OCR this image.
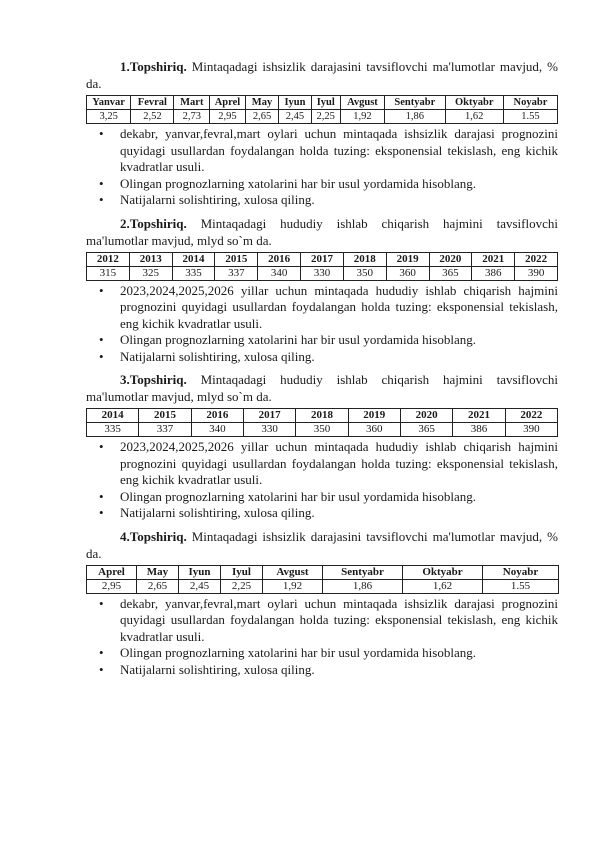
1.Topshiriq. Mintaqadagi ishsizlik darajasini tavsiflovchi ma'lumotlar mavjud, % da.

Yanvar	Fevral	Mart	Aprel	May	Iyun	Iyul	Avgust	Sentyabr	Oktyabr	Noyabr
3,25	2,52	2,73	2,95	2,65	2,45	2,25	1,92	1,86	1,62	1.55
• dekabr, yanvar,fevral,mart oylari uchun mintaqada ishsizlik darajasi prognozini quyidagi usullardan foydalangan holda tuzing: eksponensial tekislash, eng kichik kvadratlar usuli.
• Olingan prognozlarning xatolarini har bir usul yordamida hisoblang.
• Natijalarni solishtiring, xulosa qiling.

2.Topshiriq. Mintaqadagi hududiy ishlab chiqarish hajmini tavsiflovchi ma'lumotlar mavjud, mlyd so`m da.

2012	2013	2014	2015	2016	2017	2018	2019	2020	2021	2022
315	325	335	337	340	330	350	360	365	386	390
• 2023,2024,2025,2026 yillar uchun mintaqada hududiy ishlab chiqarish hajmini prognozini quyidagi usullardan foydalangan holda tuzing: eksponensial tekislash, eng kichik kvadratlar usuli.
• Olingan prognozlarning xatolarini har bir usul yordamida hisoblang.
• Natijalarni solishtiring, xulosa qiling.

3.Topshiriq. Mintaqadagi hududiy ishlab chiqarish hajmini tavsiflovchi ma'lumotlar mavjud, mlyd so`m da.

2014	2015	2016	2017	2018	2019	2020	2021	2022
335	337	340	330	350	360	365	386	390
• 2023,2024,2025,2026 yillar uchun mintaqada hududiy ishlab chiqarish hajmini prognozini quyidagi usullardan foydalangan holda tuzing: eksponensial tekislash, eng kichik kvadratlar usuli.
• Olingan prognozlarning xatolarini har bir usul yordamida hisoblang.
• Natijalarni solishtiring, xulosa qiling.

4.Topshiriq. Mintaqadagi ishsizlik darajasini tavsiflovchi ma'lumotlar mavjud, % da.

Aprel	May	Iyun	Iyul	Avgust	Sentyabr	Oktyabr	Noyabr
2,95	2,65	2,45	2,25	1,92	1,86	1,62	1.55
• dekabr, yanvar,fevral,mart oylari uchun mintaqada ishsizlik darajasi prognozini quyidagi usullardan foydalangan holda tuzing: eksponensial tekislash, eng kichik kvadratlar usuli.
• Olingan prognozlarning xatolarini har bir usul yordamida hisoblang.
• Natijalarni solishtiring, xulosa qiling.
